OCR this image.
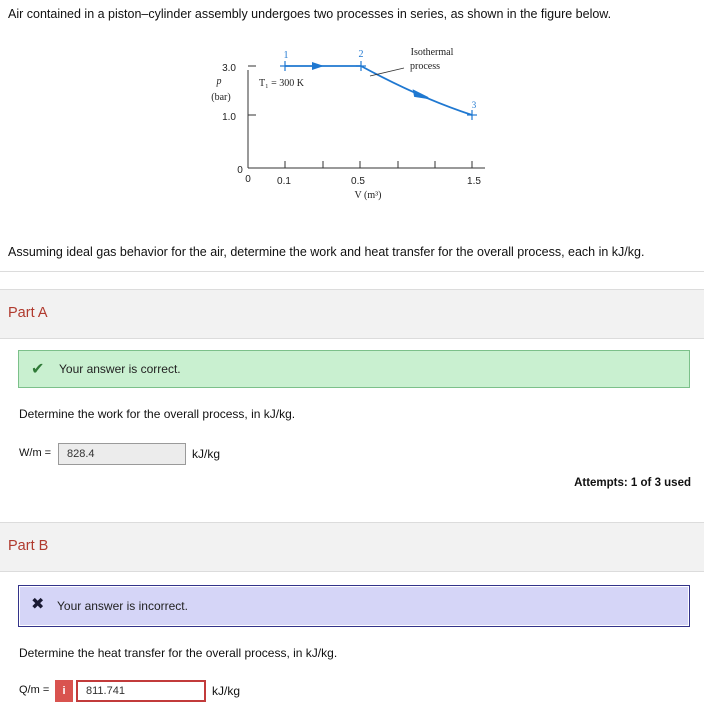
Air contained in a piston–cylinder assembly undergoes two processes in series, as shown in the figure below.
3.0
1.0
0
0	0.1	0.5	1.5
p
(bar)
V (m³)
1	2
3
T₁ = 300 K
Isothermal
process
Assuming ideal gas behavior for the air, determine the work and heat transfer for the overall process, each in kJ/kg.
Part A
✔ Your answer is correct.
Determine the work for the overall process, in kJ/kg.
W/m =	828.4	kJ/kg
Attempts: 1 of 3 used
Part B
✖ Your answer is incorrect.
Determine the heat transfer for the overall process, in kJ/kg.
Q/m =	i	811.741	kJ/kg
